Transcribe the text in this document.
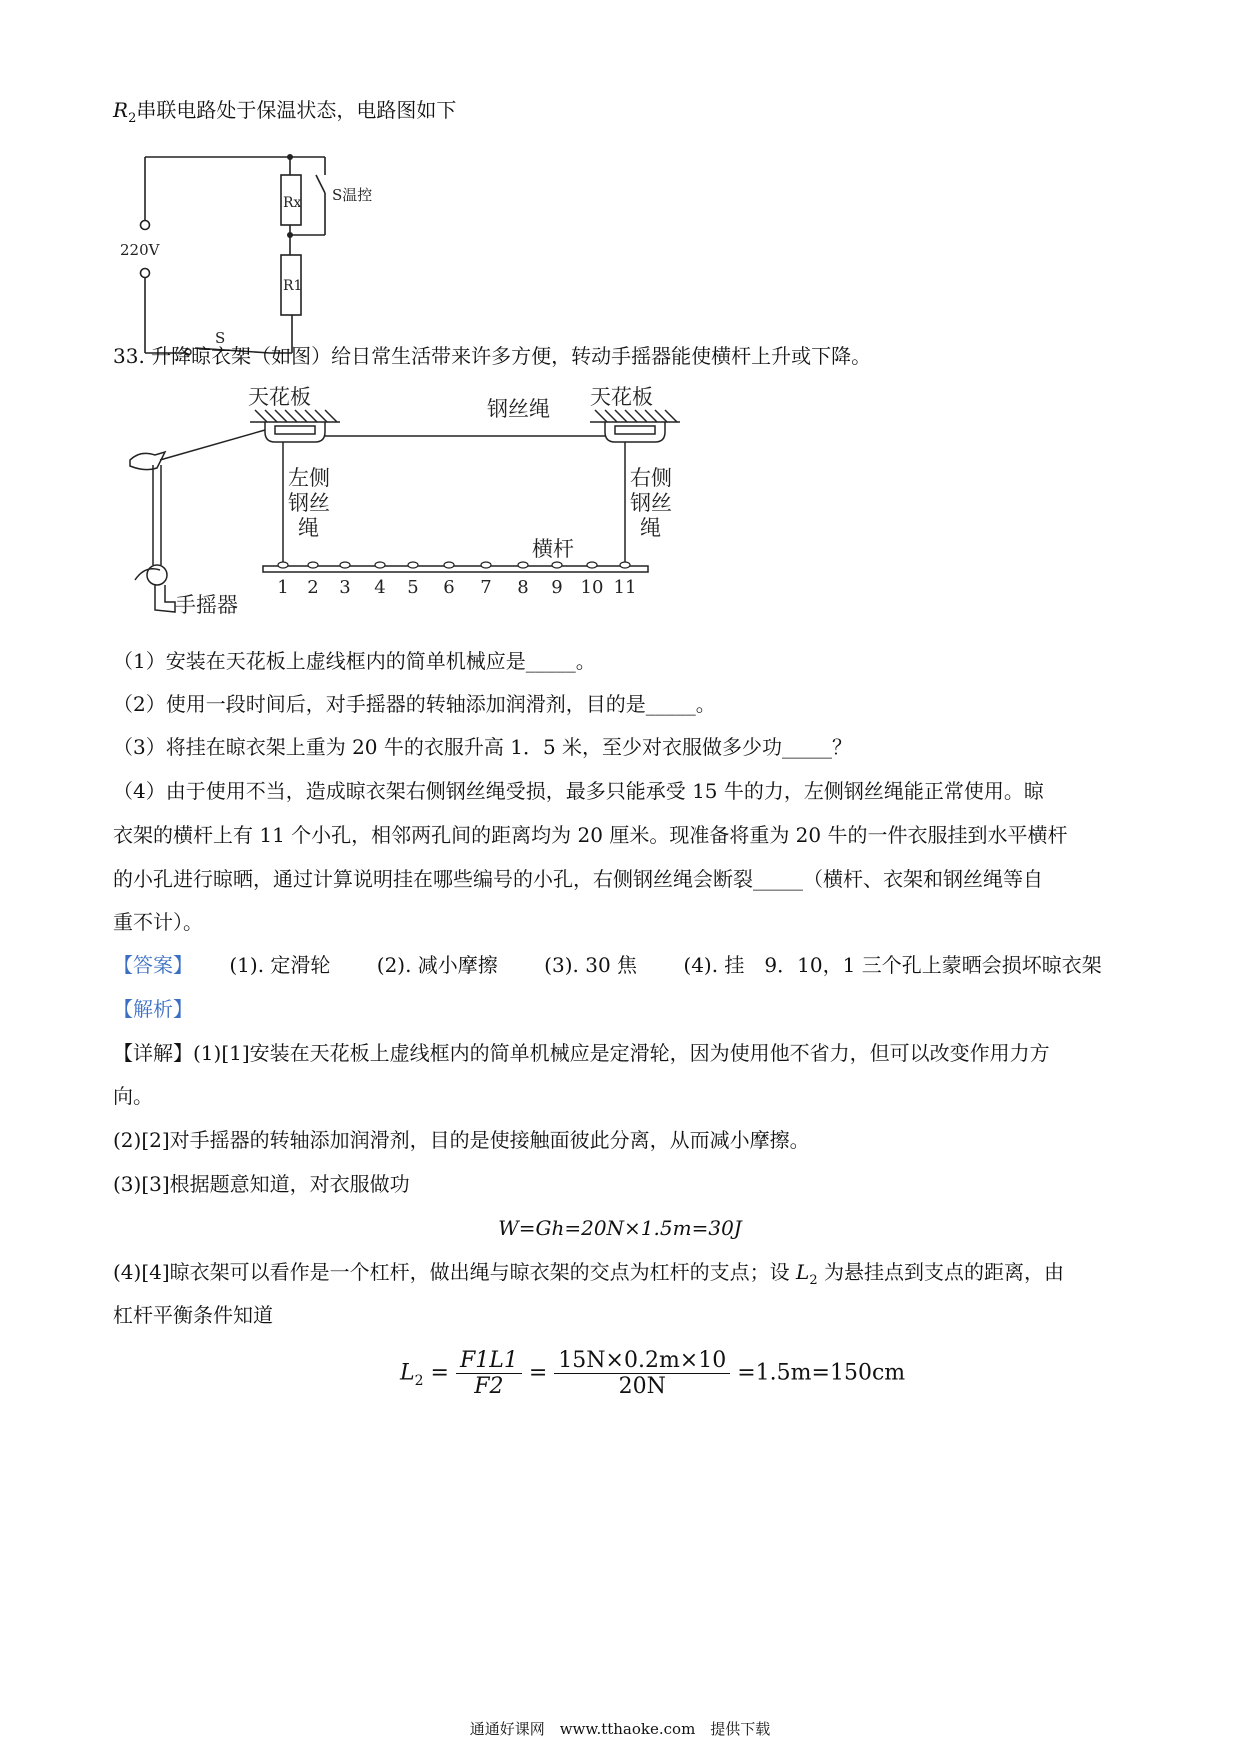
$R_2$串联电路处于保温状态，电路图如下
220V
Rx
R1
S温控
S
33. 升降晾衣架（如图）给日常生活带来许多方便，转动手摇器能使横杆上升或下降。
天花板	天花板
钢丝绳
左侧
钢丝
绳
右侧
钢丝
绳
横杆
手摇器
1 2 3 4 5 6 7 8 9 10 11
（1）安装在天花板上虚线框内的简单机械应是_____。
（2）使用一段时间后，对手摇器的转轴添加润滑剂，目的是_____。
（3）将挂在晾衣架上重为 20 牛的衣服升高 1．5 米，至少对衣服做多少功_____？
（4）由于使用不当，造成晾衣架右侧钢丝绳受损，最多只能承受 15 牛的力，左侧钢丝绳能正常使用。晾
衣架的横杆上有 11 个小孔，相邻两孔间的距离均为 20 厘米。现准备将重为 20 牛的一件衣服挂到水平横杆
的小孔进行晾晒，通过计算说明挂在哪些编号的小孔，右侧钢丝绳会断裂_____（横杆、衣架和钢丝绳等自
重不计）。
【答案】 (1). 定滑轮 (2). 减小摩擦 (3). 30 焦 (4). 挂　9．10，1 三个孔上蒙晒会损坏晾衣架
【解析】
【详解】(1)[1]安装在天花板上虚线框内的简单机械应是定滑轮，因为使用他不省力，但可以改变作用力方
向。
(2)[2]对手摇器的转轴添加润滑剂，目的是使接触面彼此分离，从而减小摩擦。
(3)[3]根据题意知道，对衣服做功
W=Gh=20N×1.5m=30J
(4)[4]晾衣架可以看作是一个杠杆，做出绳与晾衣架的交点为杠杆的支点；设 $L_2$ 为悬挂点到支点的距离，由
杠杆平衡条件知道
$L_2 = \frac{F1L1}{F2} = \frac{15N\times 0.2m\times 10}{20N} =1.5m=150cm$
通通好课网　www.tthaoke.com　提供下载
